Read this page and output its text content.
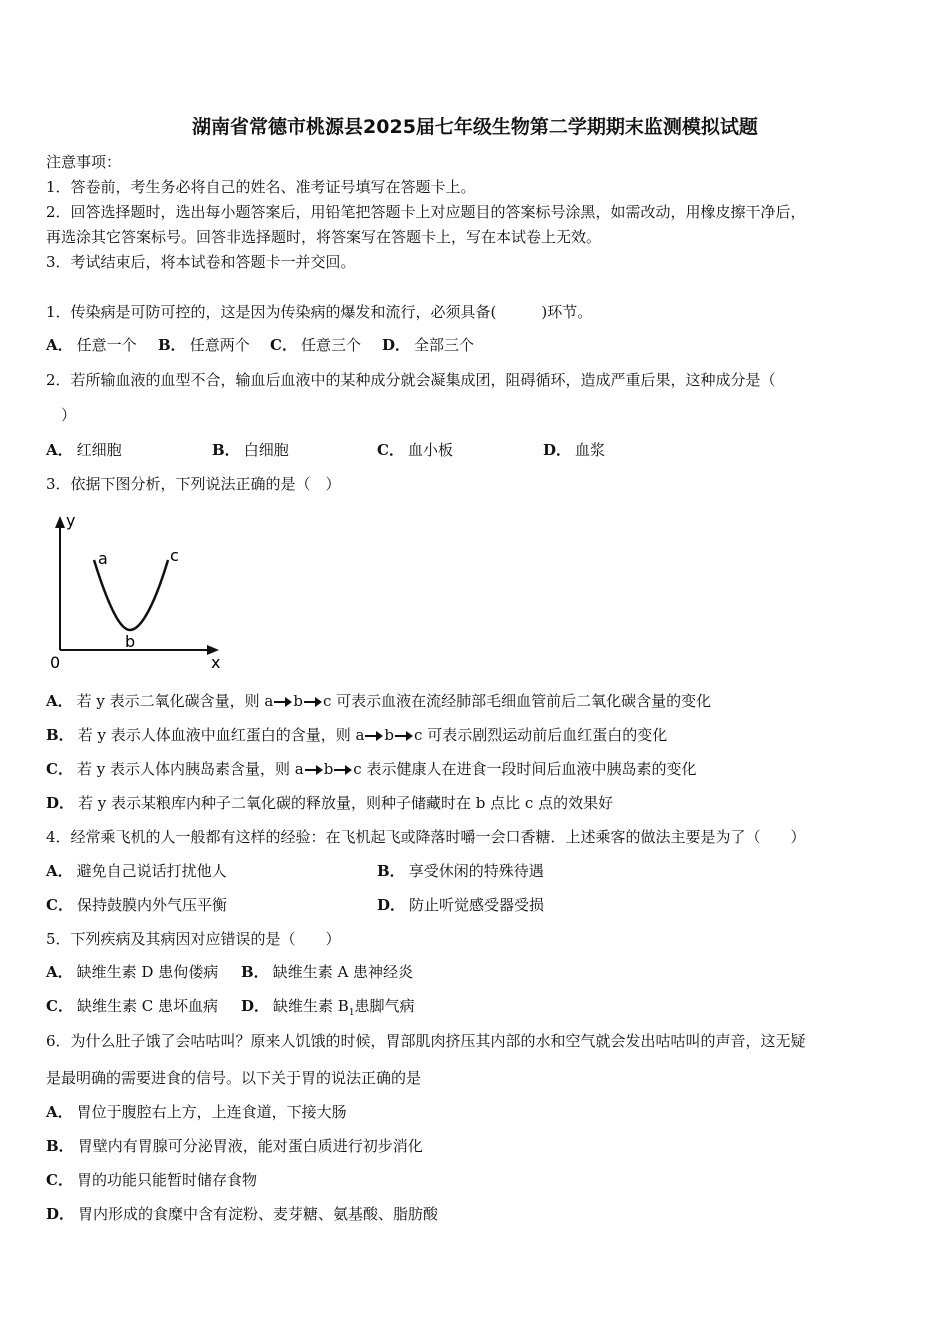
湖南省常德市桃源县2025届七年级生物第二学期期末监测模拟试题
注意事项：
1．答卷前，考生务必将自己的姓名、准考证号填写在答题卡上。
2．回答选择题时，选出每小题答案后，用铅笔把答题卡上对应题目的答案标号涂黑，如需改动，用橡皮擦干净后，
再选涂其它答案标号。回答非选择题时，将答案写在答题卡上，写在本试卷上无效。
3．考试结束后，将本试卷和答题卡一并交回。
1．传染病是可防可控的，这是因为传染病的爆发和流行，必须具备(　　　)环节。
A． 任意一个 B． 任意两个 C． 任意三个 D． 全部三个
2．若所输血液的血型不合，输血后血液中的某种成分就会凝集成团，阻碍循环，造成严重后果，这种成分是（
　）
A． 红细胞	B． 白细胞	C． 血小板	D． 血浆
3．依据下图分析，下列说法正确的是（　）
y
x
0
a
b
c
A． 若 y 表示二氧化碳含量，则 a b c 可表示血液在流经肺部毛细血管前后二氧化碳含量的变化
B． 若 y 表示人体血液中血红蛋白的含量，则 a b c 可表示剧烈运动前后血红蛋白的变化
C． 若 y 表示人体内胰岛素含量，则 a b c 表示健康人在进食一段时间后血液中胰岛素的变化
D． 若 y 表示某粮库内种子二氧化碳的释放量，则种子储藏时在 b 点比 c 点的效果好
4．经常乘飞机的人一般都有这样的经验：在飞机起飞或降落时嚼一会口香糖．上述乘客的做法主要是为了（　　）
A． 避免自己说话打扰他人	B． 享受休闲的特殊待遇
C． 保持鼓膜内外气压平衡	D． 防止听觉感受器受损
5．下列疾病及其病因对应错误的是（　　）
A． 缺维生素 D 患佝偻病 B． 缺维生素 A 患神经炎
C． 缺维生素 C 患坏血病 D． 缺维生素 $B_1$患脚气病
6．为什么肚子饿了会咕咕叫？原来人饥饿的时候，胃部肌肉挤压其内部的水和空气就会发出咕咕叫的声音，这无疑
是最明确的需要进食的信号。以下关于胃的说法正确的是
A． 胃位于腹腔右上方，上连食道，下接大肠
B． 胃壁内有胃腺可分泌胃液，能对蛋白质进行初步消化
C． 胃的功能只能暂时储存食物
D． 胃内形成的食糜中含有淀粉、麦芽糖、氨基酸、脂肪酸
